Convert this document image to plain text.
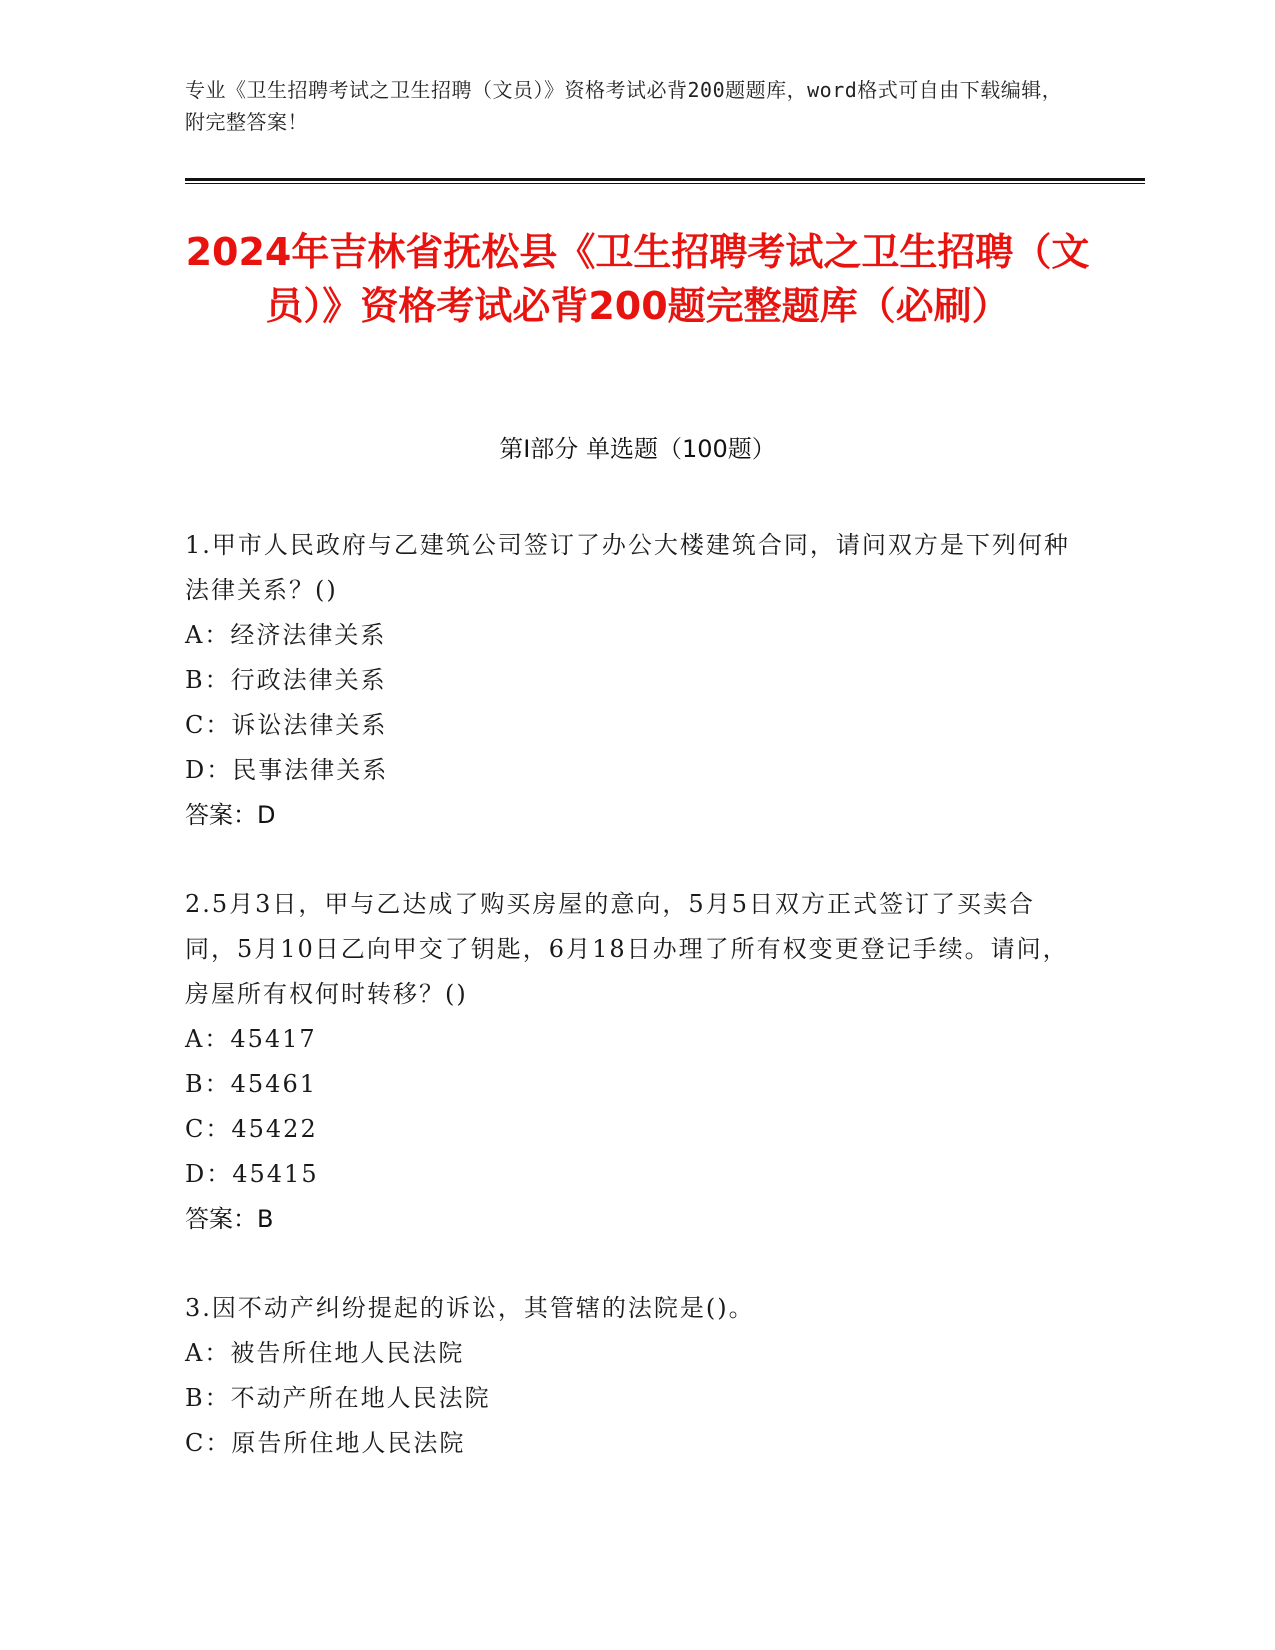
专业《卫生招聘考试之卫生招聘（文员）》资格考试必背200题题库，word格式可自由下载编辑，附完整答案！
2024年吉林省抚松县《卫生招聘考试之卫生招聘（文员）》资格考试必背200题完整题库（必刷）
第I部分 单选题（100题）
1.甲市人民政府与乙建筑公司签订了办公大楼建筑合同，请问双方是下列何种法律关系？()
A：经济法律关系
B：行政法律关系
C：诉讼法律关系
D：民事法律关系
答案：D
2.5月3日，甲与乙达成了购买房屋的意向，5月5日双方正式签订了买卖合同，5月10日乙向甲交了钥匙，6月18日办理了所有权变更登记手续。请问，房屋所有权何时转移？()
A：45417
B：45461
C：45422
D：45415
答案：B
3.因不动产纠纷提起的诉讼，其管辖的法院是()。
A：被告所住地人民法院
B：不动产所在地人民法院
C：原告所住地人民法院
